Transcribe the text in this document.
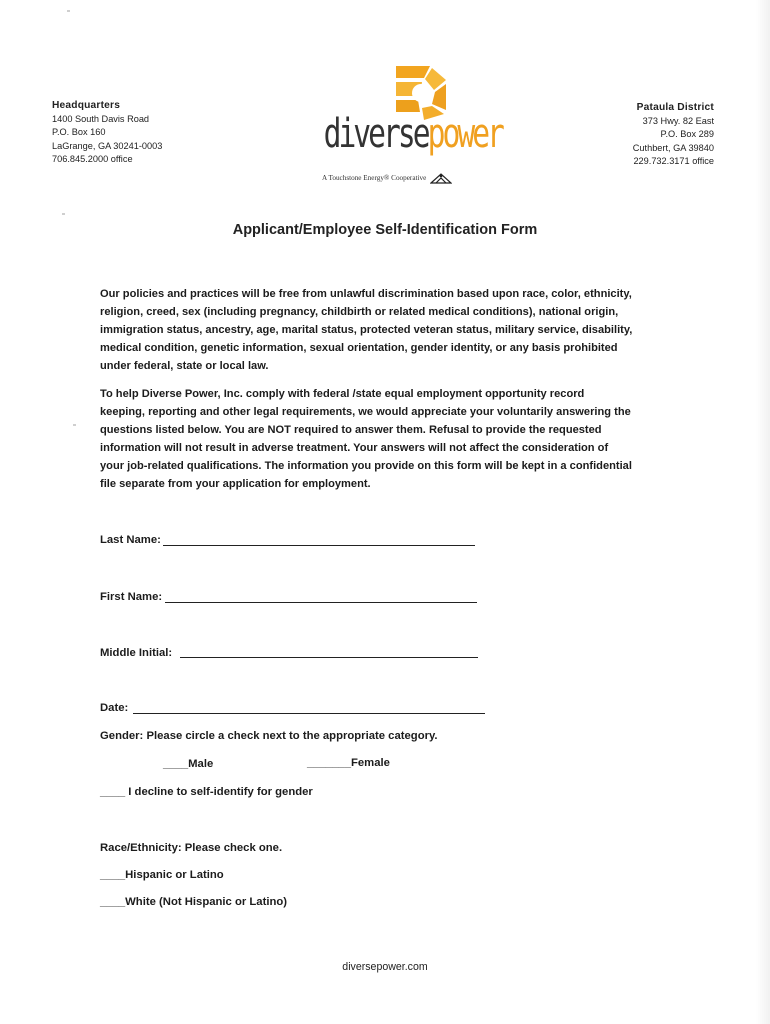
Headquarters
1400 South Davis Road
P.O. Box 160
LaGrange, GA 30241-0003
706.845.2000 office
diversepower
A Touchstone Energy® Cooperative
Pataula District
373 Hwy. 82 East
P.O. Box 289
Cuthbert, GA 39840
229.732.3171 office
Applicant/Employee Self-Identification Form
Our policies and practices will be free from unlawful discrimination based upon race, color, ethnicity,
religion, creed, sex (including pregnancy, childbirth or related medical conditions), national origin,
immigration status, ancestry, age, marital status, protected veteran status, military service, disability,
medical condition, genetic information, sexual orientation, gender identity, or any basis prohibited
under federal, state or local law.
To help Diverse Power, Inc. comply with federal /state equal employment opportunity record
keeping, reporting and other legal requirements, we would appreciate your voluntarily answering the
questions listed below. You are NOT required to answer them. Refusal to provide the requested
information will not result in adverse treatment. Your answers will not affect the consideration of
your job-related qualifications. The information you provide on this form will be kept in a confidential
file separate from your application for employment.
Last Name:
First Name:
Middle Initial:
Date:
Gender: Please circle a check next to the appropriate category.
____Male	_______Female
____ I decline to self-identify for gender
Race/Ethnicity: Please check one.
____Hispanic or Latino
____White (Not Hispanic or Latino)
diversepower.com
